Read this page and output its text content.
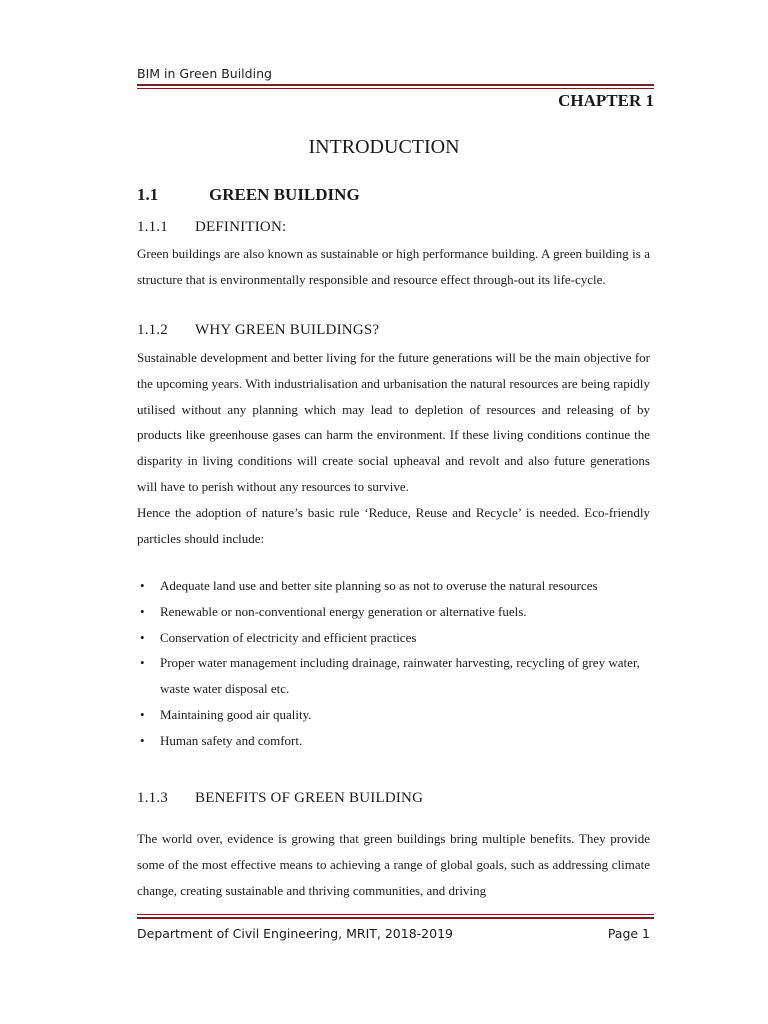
BIM in Green Building
CHAPTER 1
INTRODUCTION
1.1	GREEN BUILDING
1.1.1 DEFINITION:

Green buildings are also known as sustainable or high performance building. A green building is a structure that is environmentally responsible and resource effect through-out its life-cycle.

1.1.2 WHY GREEN BUILDINGS?

Sustainable development and better living for the future generations will be the main objective for the upcoming years. With industrialisation and urbanisation the natural resources are being rapidly utilised without any planning which may lead to depletion of resources and releasing of by products like greenhouse gases can harm the environment. If these living conditions continue the disparity in living conditions will create social upheaval and revolt and also future generations will have to perish without any resources to survive.

Hence the adoption of nature’s basic rule ‘Reduce, Reuse and Recycle’ is needed. Eco-friendly particles should include:

• Adequate land use and better site planning so as not to overuse the natural resources
• Renewable or non-conventional energy generation or alternative fuels.
• Conservation of electricity and efficient practices
• Proper water management including drainage, rainwater harvesting, recycling of grey water, waste water disposal etc.
• Maintaining good air quality.
• Human safety and comfort.
1.1.3 BENEFITS OF GREEN BUILDING

The world over, evidence is growing that green buildings bring multiple benefits. They provide some of the most effective means to achieving a range of global goals, such as addressing climate change, creating sustainable and thriving communities, and driving

Department of Civil Engineering, MRIT, 2018-2019	Page 1
